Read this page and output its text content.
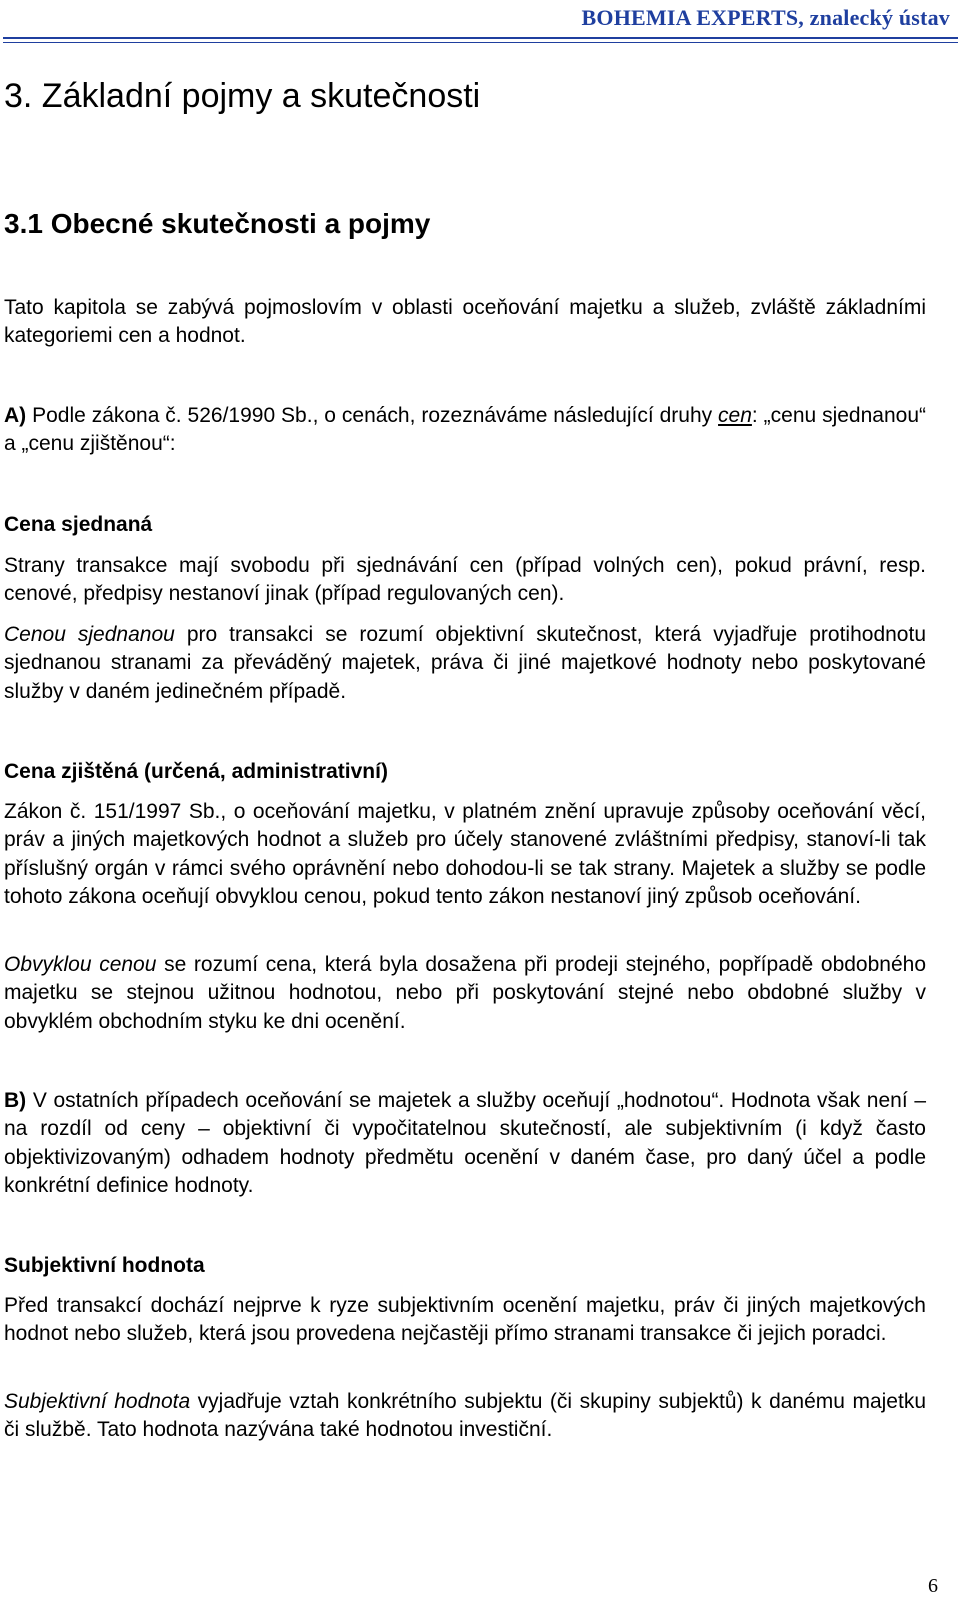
BOHEMIA EXPERTS, znalecký ústav
3. Základní pojmy a skutečnosti
3.1 Obecné skutečnosti a pojmy

Tato kapitola se zabývá pojmoslovím v oblasti oceňování majetku a služeb, zvláště základními kategoriemi cen a hodnot.

A) Podle zákona č. 526/1990 Sb., o cenách, rozeznáváme následující druhy cen: „cenu sjednanou“ a „cenu zjištěnou“:

Cena sjednaná

Strany transakce mají svobodu při sjednávání cen (případ volných cen), pokud právní, resp. cenové, předpisy nestanoví jinak (případ regulovaných cen).

Cenou sjednanou pro transakci se rozumí objektivní skutečnost, která vyjadřuje protihodnotu sjednanou stranami za převáděný majetek, práva či jiné majetkové hodnoty nebo poskytované služby v daném jedinečném případě.

Cena zjištěná (určená, administrativní)

Zákon č. 151/1997 Sb., o oceňování majetku, v platném znění upravuje způsoby oceňování věcí, práv a jiných majetkových hodnot a služeb pro účely stanovené zvláštními předpisy, stanoví-li tak příslušný orgán v rámci svého oprávnění nebo dohodou-li se tak strany. Majetek a služby se podle tohoto zákona oceňují obvyklou cenou, pokud tento zákon nestanoví jiný způsob oceňování.

Obvyklou cenou se rozumí cena, která byla dosažena při prodeji stejného, popřípadě obdobného majetku se stejnou užitnou hodnotou, nebo při poskytování stejné nebo obdobné služby v obvyklém obchodním styku ke dni ocenění.

B) V ostatních případech oceňování se majetek a služby oceňují „hodnotou“. Hodnota však není – na rozdíl od ceny – objektivní či vypočitatelnou skutečností, ale subjektivním (i když často objektivizovaným) odhadem hodnoty předmětu ocenění v daném čase, pro daný účel a podle konkrétní definice hodnoty.

Subjektivní hodnota

Před transakcí dochází nejprve k ryze subjektivním ocenění majetku, práv či jiných majetkových hodnot nebo služeb, která jsou provedena nejčastěji přímo stranami transakce či jejich poradci.

Subjektivní hodnota vyjadřuje vztah konkrétního subjektu (či skupiny subjektů) k danému majetku či službě. Tato hodnota nazývána také hodnotou investiční.

6
